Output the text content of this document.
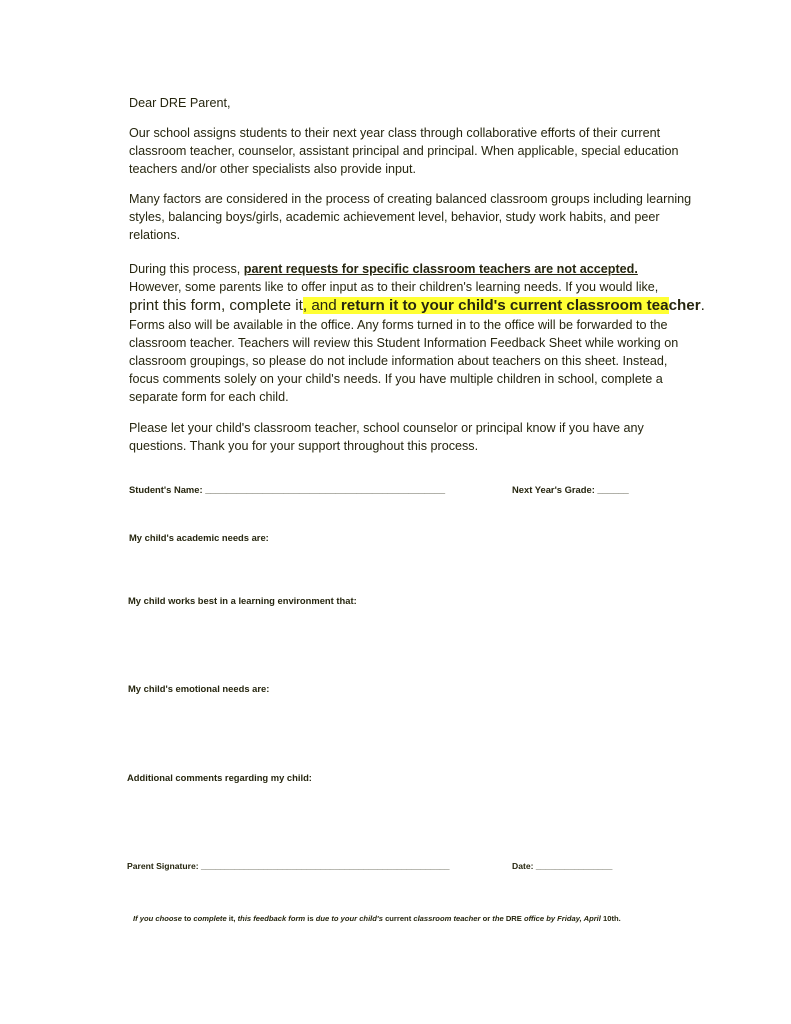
Dear DRE Parent,

Our school assigns students to their next year class through collaborative efforts of their current classroom teacher, counselor, assistant principal and principal. When applicable, special education teachers and/or other specialists also provide input.

Many factors are considered in the process of creating balanced classroom groups including learning styles, balancing boys/girls, academic achievement level, behavior, study work habits, and peer relations.

During this process, parent requests for specific classroom teachers are not accepted.
However, some parents like to offer input as to their children's learning needs. If you would like,
print this form, complete it, and return it to your child's current classroom teacher.

Forms also will be available in the office. Any forms turned in to the office will be forwarded to the classroom teacher. Teachers will review this Student Information Feedback Sheet while working on classroom groupings, so please do not include information about teachers on this sheet. Instead, focus comments solely on your child's needs. If you have multiple children in school, complete a separate form for each child.

Please let your child's classroom teacher, school counselor or principal know if you have any questions. Thank you for your support throughout this process.

Student's Name: ______________________________________________	Next Year's Grade: ______
My child's academic needs are:
My child works best in a learning environment that:
My child's emotional needs are:
Additional comments regarding my child:
Parent Signature: ____________________________________________________	Date: ________________
If you choose to complete it, this feedback form is due to your child's current classroom teacher or the DRE office by Friday, April 10th.
